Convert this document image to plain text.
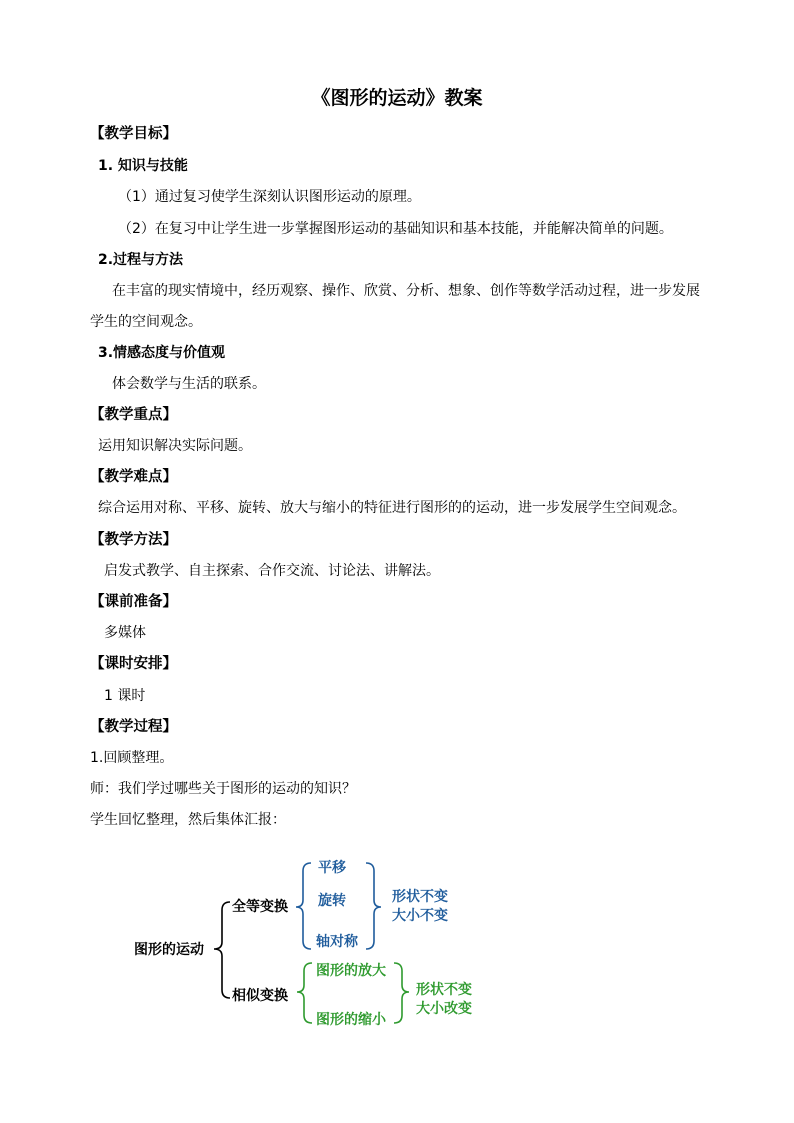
《图形的运动》教案
【教学目标】
1. 知识与技能
（1）通过复习使学生深刻认识图形运动的原理。
（2）在复习中让学生进一步掌握图形运动的基础知识和基本技能，并能解决简单的问题。
2.过程与方法
在丰富的现实情境中，经历观察、操作、欣赏、分析、想象、创作等数学活动过程，进一步发展
学生的空间观念。
3.情感态度与价值观
体会数学与生活的联系。
【教学重点】
运用知识解决实际问题。
【教学难点】
综合运用对称、平移、旋转、放大与缩小的特征进行图形的的运动，进一步发展学生空间观念。
【教学方法】
启发式教学、自主探索、合作交流、讨论法、讲解法。
【课前准备】
多媒体
【课时安排】
1 课时
【教学过程】
1.回顾整理。
师：我们学过哪些关于图形的运动的知识？
学生回忆整理，然后集体汇报：
图形的运动
全等变换
相似变换
平移
旋转
轴对称
形状不变
大小不变
图形的放大
图形的缩小
形状不变
大小改变
